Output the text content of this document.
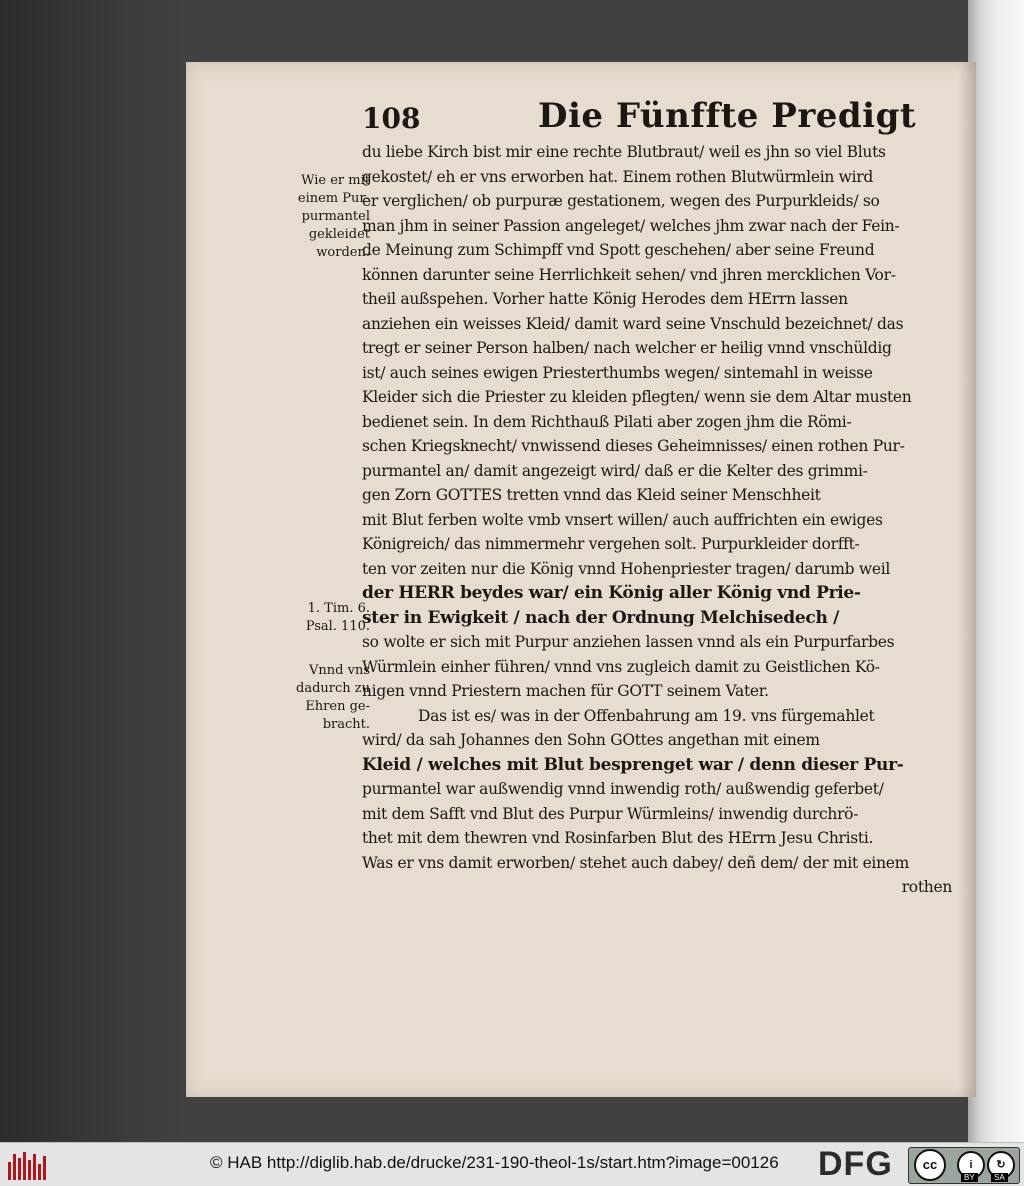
108	Die Fünffte Predigt
Wie er mit
einem Pur-
purmantel
gekleidet
worden.
1. Tim. 6.
Psal. 110.
Vnnd vns
dadurch zu
Ehren ge-
bracht.
du liebe Kirch bist mir eine rechte Blutbraut/ weil es jhn so viel Bluts
gekostet/ eh er vns erworben hat. Einem rothen Blutwürmlein wird
er verglichen/ ob purpuræ gestationem, wegen des Purpurkleids/ so
man jhm in seiner Passion angeleget/ welches jhm zwar nach der Fein-
de Meinung zum Schimpff vnd Spott geschehen/ aber seine Freund
können darunter seine Herrlichkeit sehen/ vnd jhren mercklichen Vor-
theil außspehen. Vorher hatte König Herodes dem HErrn lassen
anziehen ein weisses Kleid/ damit ward seine Vnschuld bezeichnet/ das
tregt er seiner Person halben/ nach welcher er heilig vnnd vnschüldig
ist/ auch seines ewigen Priesterthumbs wegen/ sintemahl in weisse
Kleider sich die Priester zu kleiden pflegten/ wenn sie dem Altar musten
bedienet sein. In dem Richthauß Pilati aber zogen jhm die Römi-
schen Kriegsknecht/ vnwissend dieses Geheimnisses/ einen rothen Pur-
purmantel an/ damit angezeigt wird/ daß er die Kelter des grimmi-
gen Zorn GOTTES tretten vnnd das Kleid seiner Menschheit
mit Blut ferben wolte vmb vnsert willen/ auch auffrichten ein ewiges
Königreich/ das nimmermehr vergehen solt. Purpurkleider dorfft-
ten vor zeiten nur die König vnnd Hohenpriester tragen/ darumb weil
der HERR beydes war/ ein König aller König vnd Prie-
ster in Ewigkeit / nach der Ordnung Melchisedech /
so wolte er sich mit Purpur anziehen lassen vnnd als ein Purpurfarbes
Würmlein einher führen/ vnnd vns zugleich damit zu Geistlichen Kö-
nigen vnnd Priestern machen für GOTT seinem Vater.
Das ist es/ was in der Offenbahrung am 19. vns fürgemahlet
wird/ da sah Johannes den Sohn GOttes angethan mit einem
Kleid / welches mit Blut besprenget war / denn dieser Pur-
purmantel war außwendig vnnd inwendig roth/ außwendig geferbet/
mit dem Safft vnd Blut des Purpur Würmleins/ inwendig durchrö-
thet mit dem thewren vnd Rosinfarben Blut des HErrn Jesu Christi.
Was er vns damit erworben/ stehet auch dabey/ deñ dem/ der mit einem
rothen
© HAB http://diglib.hab.de/drucke/231-190-theol-1s/start.htm?image=00126 DFG	cc	i	↻
BY	SA
